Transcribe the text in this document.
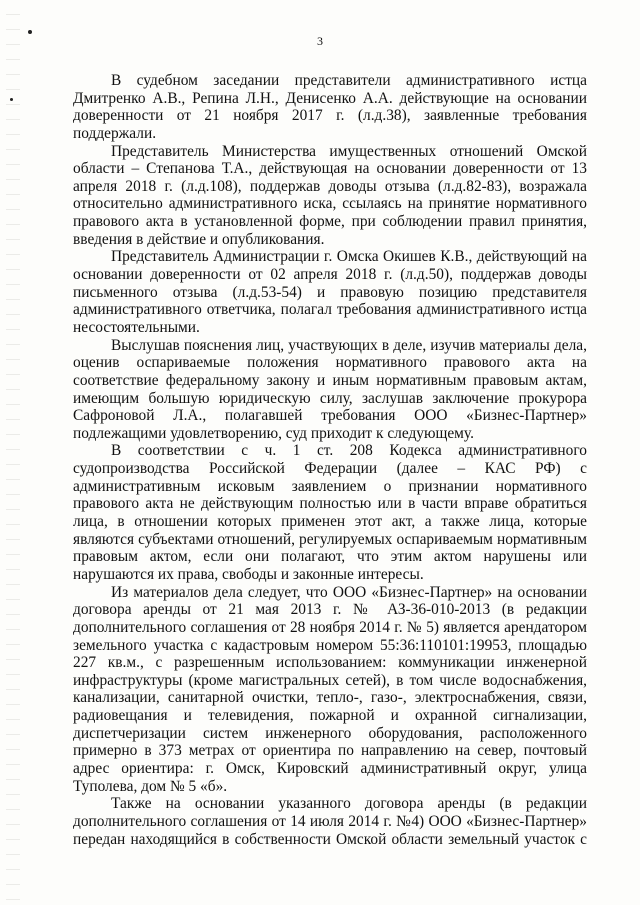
3
В судебном заседании представители административного истца
Дмитренко А.В., Репина Л.Н., Денисенко А.А. действующие на основании
доверенности от 21 ноября 2017 г. (л.д.38), заявленные требования
поддержали.
Представитель Министерства имущественных отношений Омской
области – Степанова Т.А., действующая на основании доверенности от 13
апреля 2018 г. (л.д.108), поддержав доводы отзыва (л.д.82-83), возражала
относительно административного иска, ссылаясь на принятие нормативного
правового акта в установленной форме, при соблюдении правил принятия,
введения в действие и опубликования.
Представитель Администрации г. Омска Окишев К.В., действующий на
основании доверенности от 02 апреля 2018 г. (л.д.50), поддержав доводы
письменного отзыва (л.д.53-54) и правовую позицию представителя
административного ответчика, полагал требования административного истца
несостоятельными.
Выслушав пояснения лиц, участвующих в деле, изучив материалы дела,
оценив оспариваемые положения нормативного правового акта на
соответствие федеральному закону и иным нормативным правовым актам,
имеющим большую юридическую силу, заслушав заключение прокурора
Сафроновой Л.А., полагавшей требования ООО «Бизнес-Партнер»
подлежащими удовлетворению, суд приходит к следующему.
В соответствии с ч. 1 ст. 208 Кодекса административного
судопроизводства Российской Федерации (далее – КАС РФ) с
административным исковым заявлением о признании нормативного
правового акта не действующим полностью или в части вправе обратиться
лица, в отношении которых применен этот акт, а также лица, которые
являются субъектами отношений, регулируемых оспариваемым нормативным
правовым актом, если они полагают, что этим актом нарушены или
нарушаются их права, свободы и законные интересы.
Из материалов дела следует, что ООО «Бизнес-Партнер» на основании
договора аренды от 21 мая 2013 г. № АЗ-36-010-2013 (в редакции
дополнительного соглашения от 28 ноября 2014 г. № 5) является арендатором
земельного участка с кадастровым номером 55:36:110101:19953, площадью
227 кв.м., с разрешенным использованием: коммуникации инженерной
инфраструктуры (кроме магистральных сетей), в том числе водоснабжения,
канализации, санитарной очистки, тепло-, газо-, электроснабжения, связи,
радиовещания и телевидения, пожарной и охранной сигнализации,
диспетчеризации систем инженерного оборудования, расположенного
примерно в 373 метрах от ориентира по направлению на север, почтовый
адрес ориентира: г. Омск, Кировский административный округ, улица
Туполева, дом № 5 «б».
Также на основании указанного договора аренды (в редакции
дополнительного соглашения от 14 июля 2014 г. №4) ООО «Бизнес-Партнер»
передан находящийся в собственности Омской области земельный участок с
